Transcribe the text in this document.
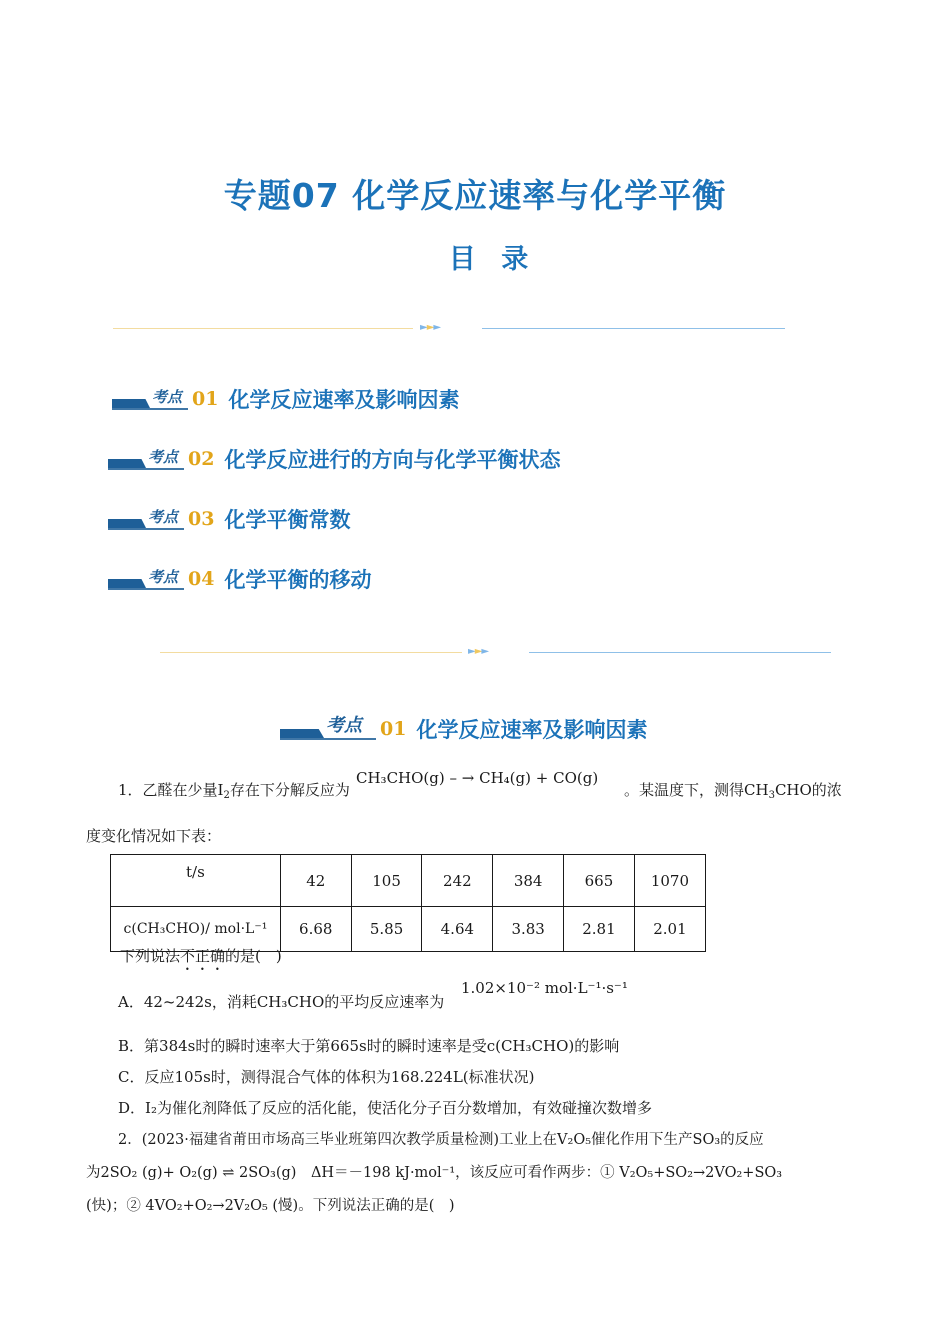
专题07 化学反应速率与化学平衡
目 录
►►►
考点 01 化学反应速率及影响因素
考点 02 化学反应进行的方向与化学平衡状态
考点 03 化学平衡常数
考点 04 化学平衡的移动
►►►
考点 01 化学反应速率及影响因素
1．乙醛在少量$I_2$存在下分解反应为
CH₃CHO(g) – → CH₄(g) + CO(g)
。某温度下，测得$CH_3CHO$的浓
度变化情况如下表：
t/s	42	105	242	384	665	1070
c(CH₃CHO)/ mol·L⁻¹	6.68	5.85	4.64	3.83	2.81	2.01
下列说法不正确的是(　)
A．42~242s，消耗CH₃CHO的平均反应速率为
1.02×10⁻² mol·L⁻¹·s⁻¹
B．第384s时的瞬时速率大于第665s时的瞬时速率是受c(CH₃CHO)的影响
C．反应105s时，测得混合气体的体积为168.224L(标准状况)
D．I₂为催化剂降低了反应的活化能，使活化分子百分数增加，有效碰撞次数增多
2．(2023·福建省莆田市场高三毕业班第四次教学质量检测)工业上在V₂O₅催化作用下生产SO₃的反应
为2SO₂ (g)+ O₂(g) ⇌ 2SO₃(g)　ΔH＝－198 kJ·mol⁻¹，该反应可看作两步：① V₂O₅+SO₂→2VO₂+SO₃
(快)；② 4VO₂+O₂→2V₂O₅ (慢)。下列说法正确的是(　)
